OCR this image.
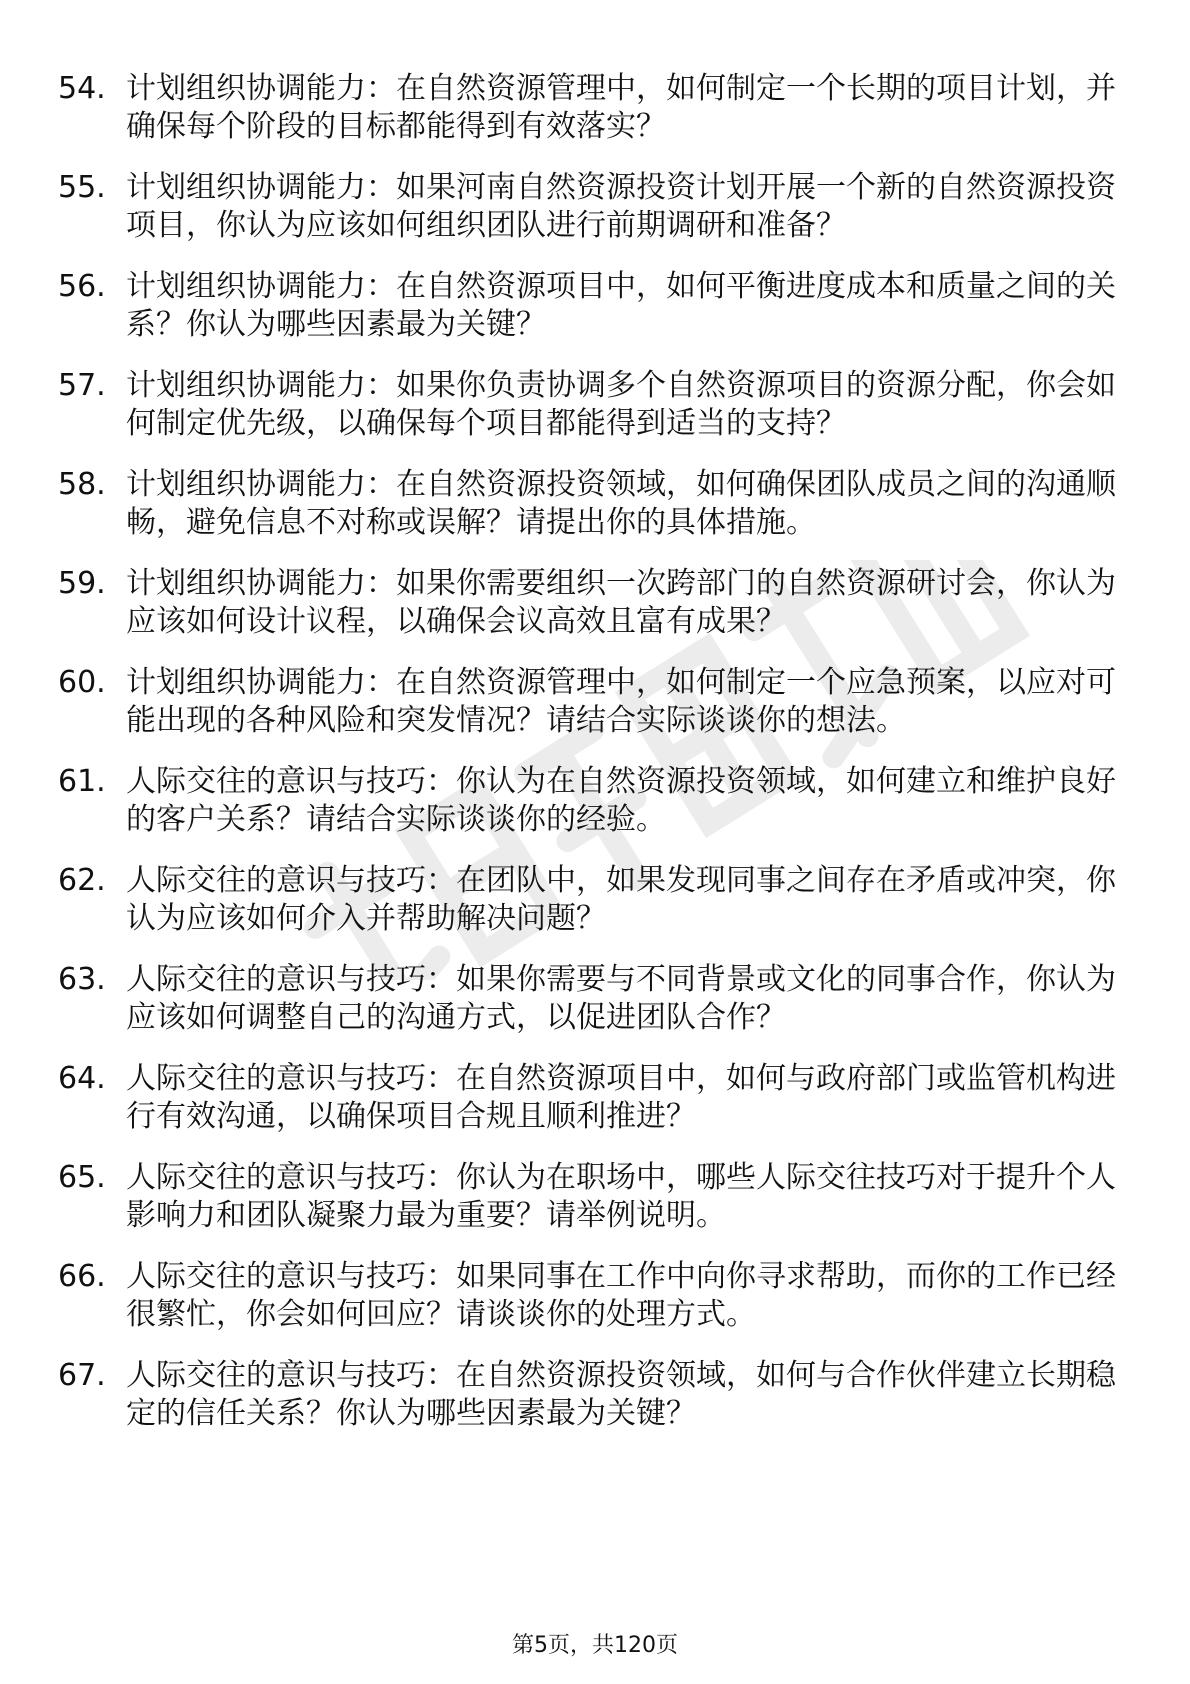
54. 计划组织协调能力：在自然资源管理中，如何制定一个长期的项目计划，并确保每个阶段的目标都能得到有效落实？
55. 计划组织协调能力：如果河南自然资源投资计划开展一个新的自然资源投资项目，你认为应该如何组织团队进行前期调研和准备？
56. 计划组织协调能力：在自然资源项目中，如何平衡进度成本和质量之间的关系？你认为哪些因素最为关键？
57. 计划组织协调能力：如果你负责协调多个自然资源项目的资源分配，你会如何制定优先级，以确保每个项目都能得到适当的支持？
58. 计划组织协调能力：在自然资源投资领域，如何确保团队成员之间的沟通顺畅，避免信息不对称或误解？请提出你的具体措施。
59. 计划组织协调能力：如果你需要组织一次跨部门的自然资源研讨会，你认为应该如何设计议程，以确保会议高效且富有成果？
60. 计划组织协调能力：在自然资源管理中，如何制定一个应急预案，以应对可能出现的各种风险和突发情况？请结合实际谈谈你的想法。
61. 人际交往的意识与技巧：你认为在自然资源投资领域，如何建立和维护良好的客户关系？请结合实际谈谈你的经验。
62. 人际交往的意识与技巧：在团队中，如果发现同事之间存在矛盾或冲突，你认为应该如何介入并帮助解决问题？
63. 人际交往的意识与技巧：如果你需要与不同背景或文化的同事合作，你认为应该如何调整自己的沟通方式，以促进团队合作？
64. 人际交往的意识与技巧：在自然资源项目中，如何与政府部门或监管机构进行有效沟通，以确保项目合规且顺利推进？
65. 人际交往的意识与技巧：你认为在职场中，哪些人际交往技巧对于提升个人影响力和团队凝聚力最为重要？请举例说明。
66. 人际交往的意识与技巧：如果同事在工作中向你寻求帮助，而你的工作已经很繁忙，你会如何回应？请谈谈你的处理方式。
67. 人际交往的意识与技巧：在自然资源投资领域，如何与合作伙伴建立长期稳定的信任关系？你认为哪些因素最为关键？
第5页，共120页
